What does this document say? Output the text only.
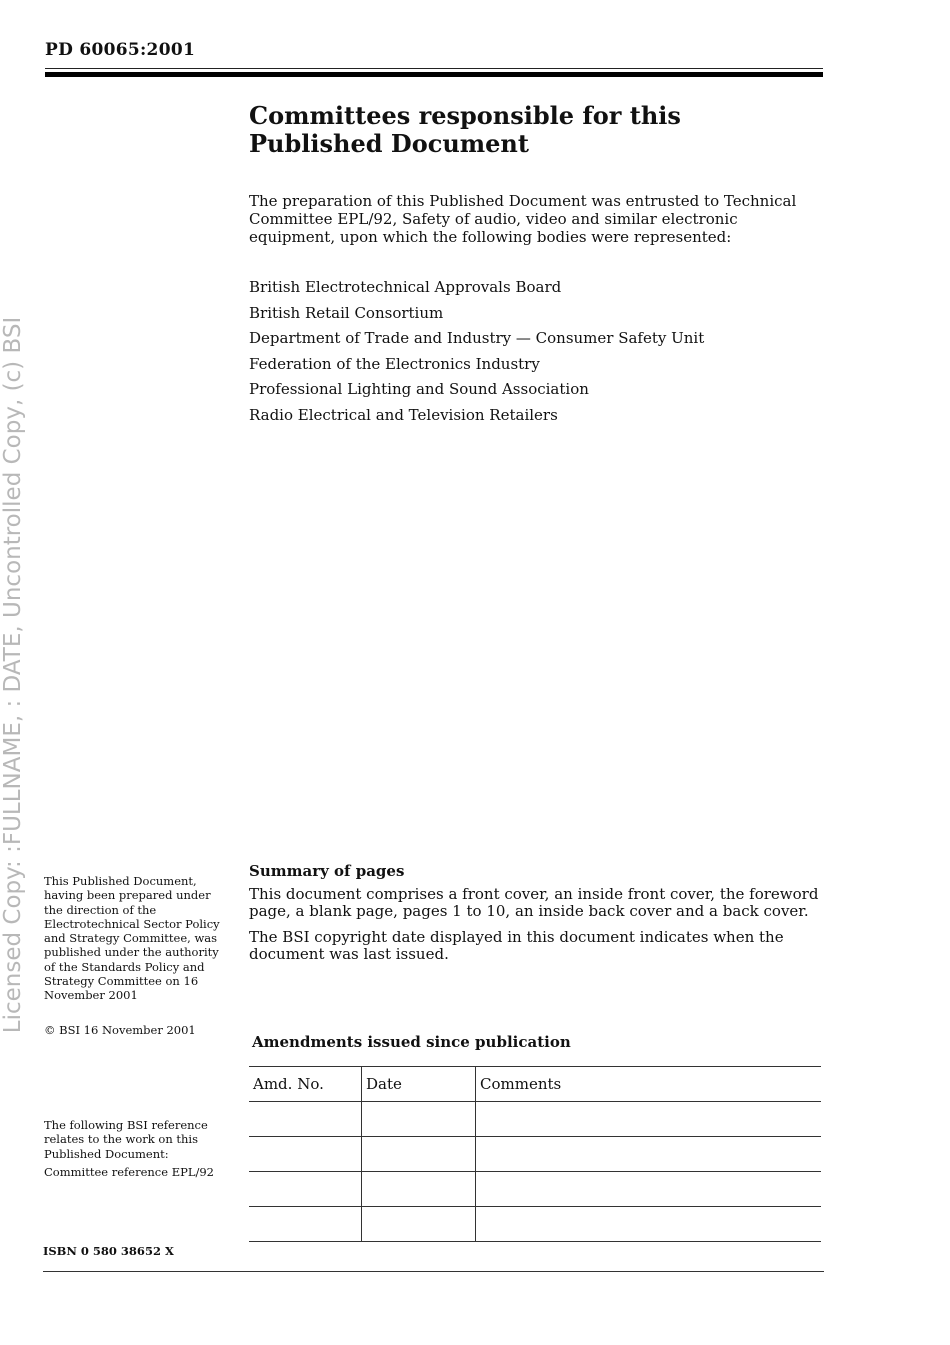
PD 60065:2001
Committees responsible for this
Published Document

The preparation of this Published Document was entrusted to Technical Committee EPL/92, Safety of audio, video and similar electronic equipment, upon which the following bodies were represented:

British Electrotechnical Approvals Board
British Retail Consortium
Department of Trade and Industry — Consumer Safety Unit
Federation of the Electronics Industry
Professional Lighting and Sound Association
Radio Electrical and Television Retailers
Licensed Copy: :FULLNAME, : DATE, Uncontrolled Copy, (c) BSI	This Published Document, having been prepared under the direction of the Electrotechnical Sector Policy and Strategy Committee, was published under the authority of the Standards Policy and Strategy Committee on 16 November 2001

© BSI 16 November 2001

The following BSI reference relates to the work on this Published Document:

Committee reference EPL/92

Summary of pages

This document comprises a front cover, an inside front cover, the foreword page, a blank page, pages 1 to 10, an inside back cover and a back cover.

The BSI copyright date displayed in this document indicates when the document was last issued.

Amendments issued since publication
Amd. No.	Date	Comments

ISBN 0 580 38652 X
